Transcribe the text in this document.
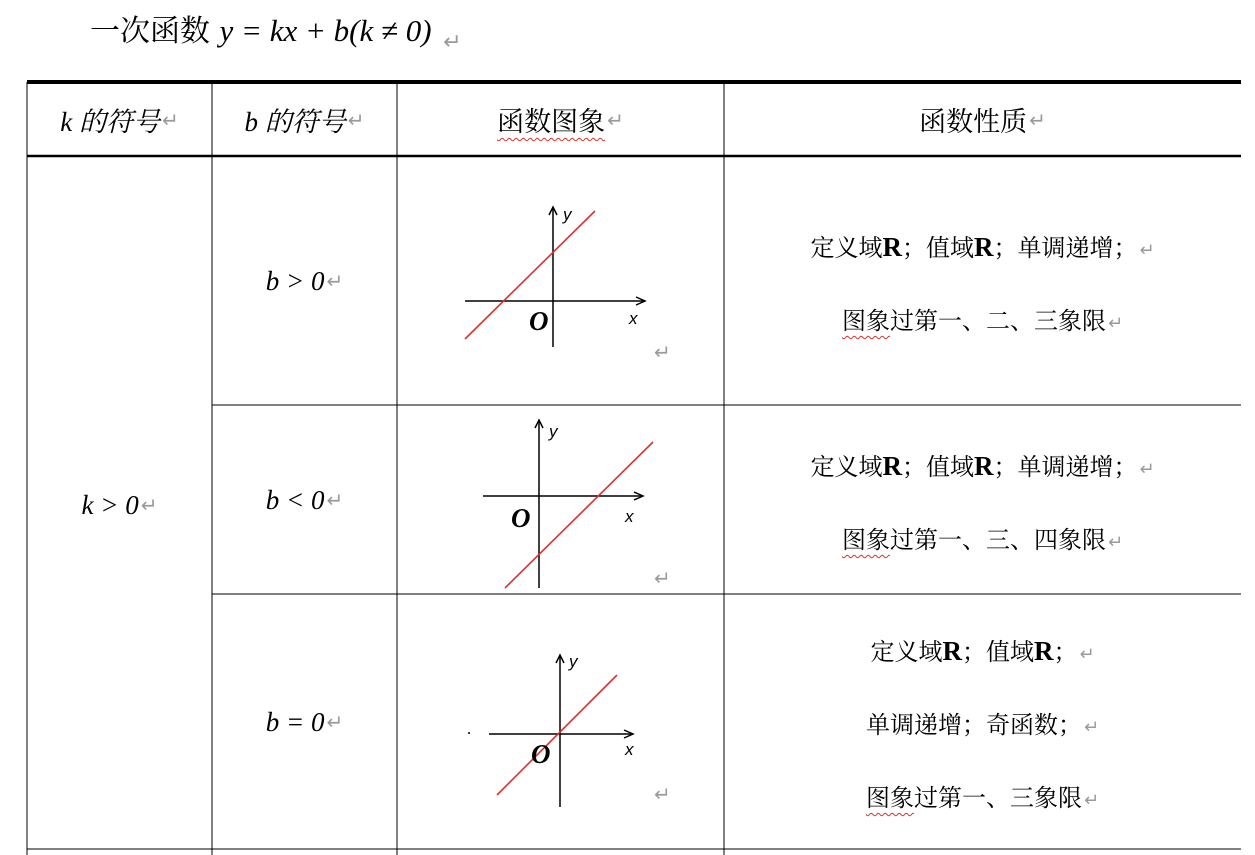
一次函数 y = kx + b(k ≠ 0) $_↵$
k 的符号 ↵ b 的符号 ↵	函数图象 ↵	函数性质 ↵
k > 0 ↵
b > 0 ↵
b < 0 ↵
b = 0 ↵
y
x
O
↵
y
x
O
↵
y
x
O
↵
定义域R；值域R；单调递增； ↵
图象过第一、二、三象限 ↵
定义域R；值域R；单调递增； ↵
图象过第一、三、四象限 ↵
定义域R；值域R； ↵
单调递增；奇函数； ↵
图象过第一、三象限 ↵
